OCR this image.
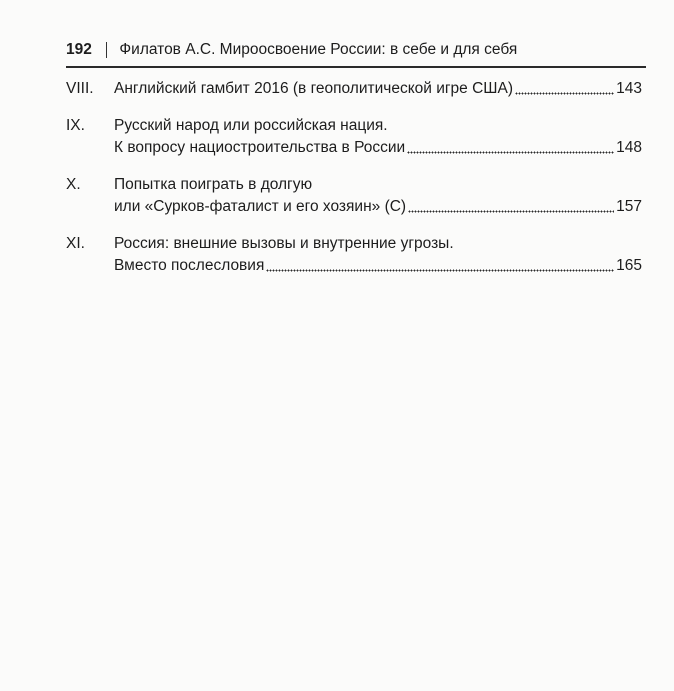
192 Филатов А.С. Мироосвоение России: в себе и для себя
VIII. Английский гамбит 2016 (в геополитической игре США)	143
IX. Русский народ или российская нация.
К вопросу нациостроительства в России	148
X. Попытка поиграть в долгую
или «Сурков-фаталист и его хозяин» (С)	157
XI. Россия: внешние вызовы и внутренние угрозы.
Вместо послесловия	165
